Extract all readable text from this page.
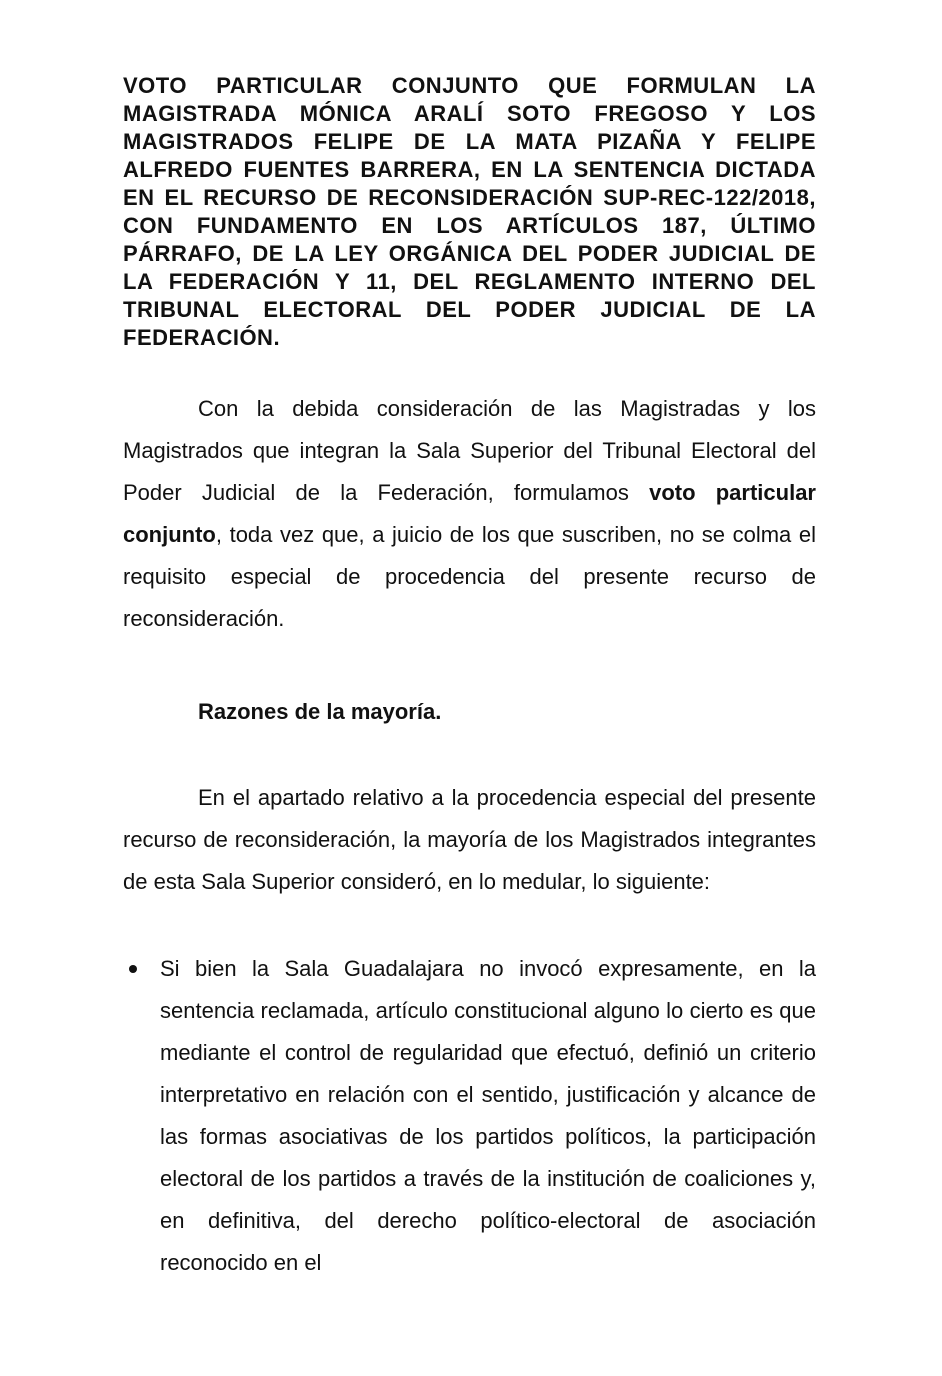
VOTO PARTICULAR CONJUNTO QUE FORMULAN LA MAGISTRADA MÓNICA ARALÍ SOTO FREGOSO Y LOS MAGISTRADOS FELIPE DE LA MATA PIZAÑA Y FELIPE ALFREDO FUENTES BARRERA, EN LA SENTENCIA DICTADA EN EL RECURSO DE RECONSIDERACIÓN SUP-REC-122/2018, CON FUNDAMENTO EN LOS ARTÍCULOS 187, ÚLTIMO PÁRRAFO, DE LA LEY ORGÁNICA DEL PODER JUDICIAL DE LA FEDERACIÓN Y 11, DEL REGLAMENTO INTERNO DEL TRIBUNAL ELECTORAL DEL PODER JUDICIAL DE LA FEDERACIÓN.

Con la debida consideración de las Magistradas y los Magistrados que integran la Sala Superior del Tribunal Electoral del Poder Judicial de la Federación, formulamos voto particular conjunto, toda vez que, a juicio de los que suscriben, no se colma el requisito especial de procedencia del presente recurso de reconsideración.

Razones de la mayoría.

En el apartado relativo a la procedencia especial del presente recurso de reconsideración, la mayoría de los Magistrados integrantes de esta Sala Superior consideró, en lo medular, lo siguiente:

Si bien la Sala Guadalajara no invocó expresamente, en la sentencia reclamada, artículo constitucional alguno lo cierto es que mediante el control de regularidad que efectuó, definió un criterio interpretativo en relación con el sentido, justificación y alcance de las formas asociativas de los partidos políticos, la participación electoral de los partidos a través de la institución de coaliciones y, en definitiva, del derecho político-electoral de asociación reconocido en el
